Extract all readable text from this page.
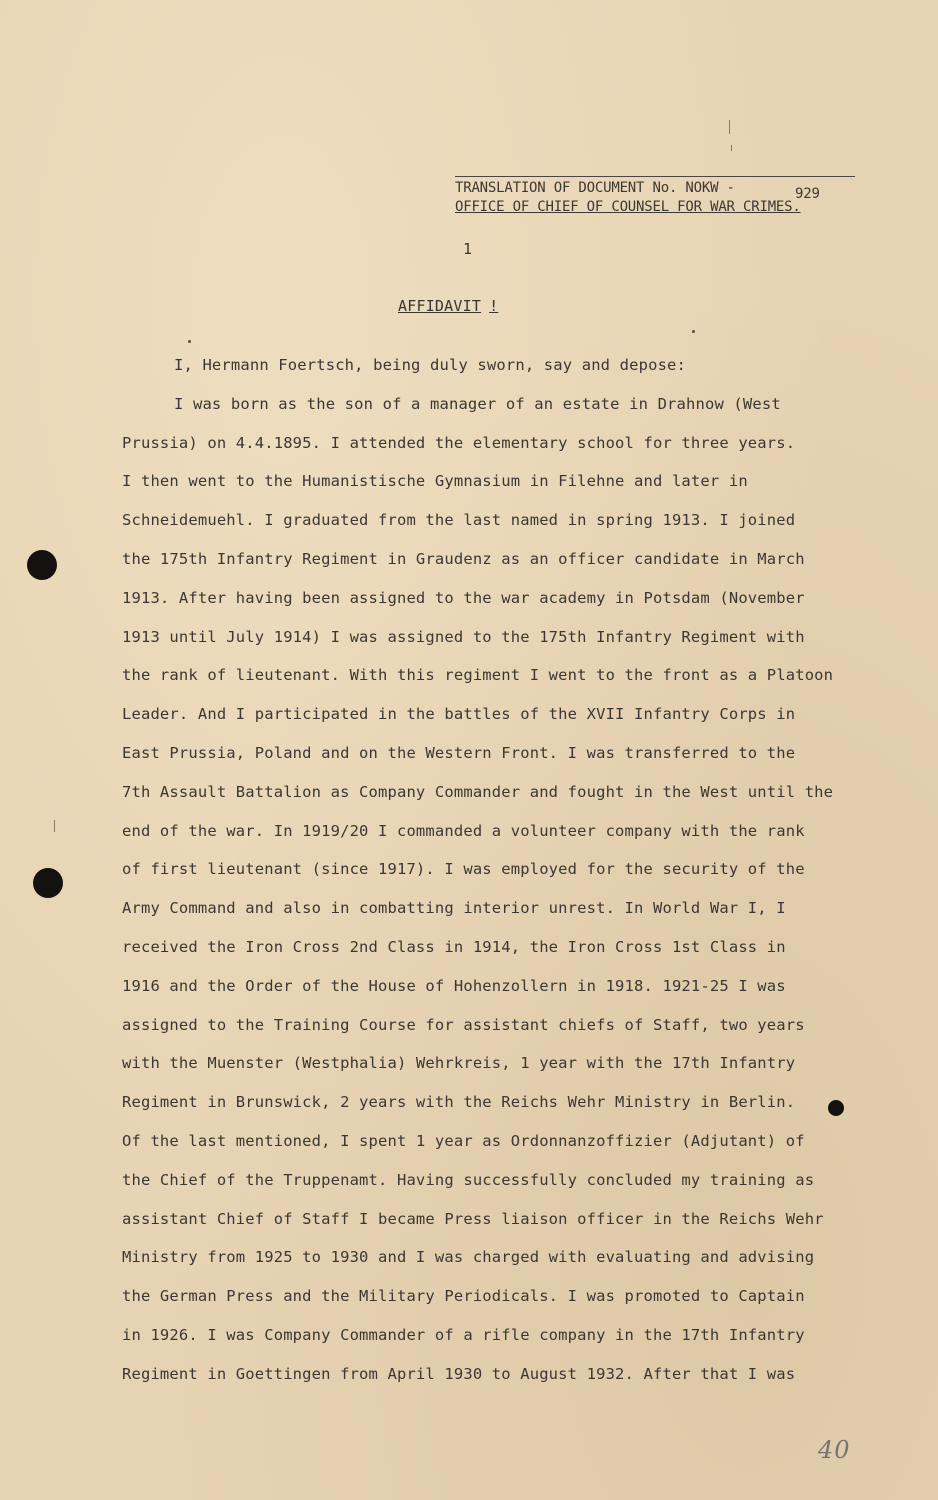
TRANSLATION OF DOCUMENT No. NOKW -	929
OFFICE OF CHIEF OF COUNSEL FOR WAR CRIMES.
1
AFFIDAVIT !
I, Hermann Foertsch, being duly sworn, say and depose:
I was born as the son of a manager of an estate in Drahnow (West
Prussia) on 4.4.1895. I attended the elementary school for three years.
I then went to the Humanistische Gymnasium in Filehne and later in
Schneidemuehl. I graduated from the last named in spring 1913. I joined
the 175th Infantry Regiment in Graudenz as an officer candidate in March
1913. After having been assigned to the war academy in Potsdam (November
1913 until July 1914) I was assigned to the 175th Infantry Regiment with
the rank of lieutenant. With this regiment I went to the front as a Platoon
Leader. And I participated in the battles of the XVII Infantry Corps in
East Prussia, Poland and on the Western Front. I was transferred to the
7th Assault Battalion as Company Commander and fought in the West until the
end of the war. In 1919/20 I commanded a volunteer company with the rank
of first lieutenant (since 1917). I was employed for the security of the
Army Command and also in combatting interior unrest. In World War I, I
received the Iron Cross 2nd Class in 1914, the Iron Cross 1st Class in
1916 and the Order of the House of Hohenzollern in 1918. 1921-25 I was
assigned to the Training Course for assistant chiefs of Staff, two years
with the Muenster (Westphalia) Wehrkreis, 1 year with the 17th Infantry
Regiment in Brunswick, 2 years with the Reichs Wehr Ministry in Berlin.
Of the last mentioned, I spent 1 year as Ordonnanzoffizier (Adjutant) of
the Chief of the Truppenamt. Having successfully concluded my training as
assistant Chief of Staff I became Press liaison officer in the Reichs Wehr
Ministry from 1925 to 1930 and I was charged with evaluating and advising
the German Press and the Military Periodicals. I was promoted to Captain
in 1926. I was Company Commander of a rifle company in the 17th Infantry
Regiment in Goettingen from April 1930 to August 1932. After that I was
40
